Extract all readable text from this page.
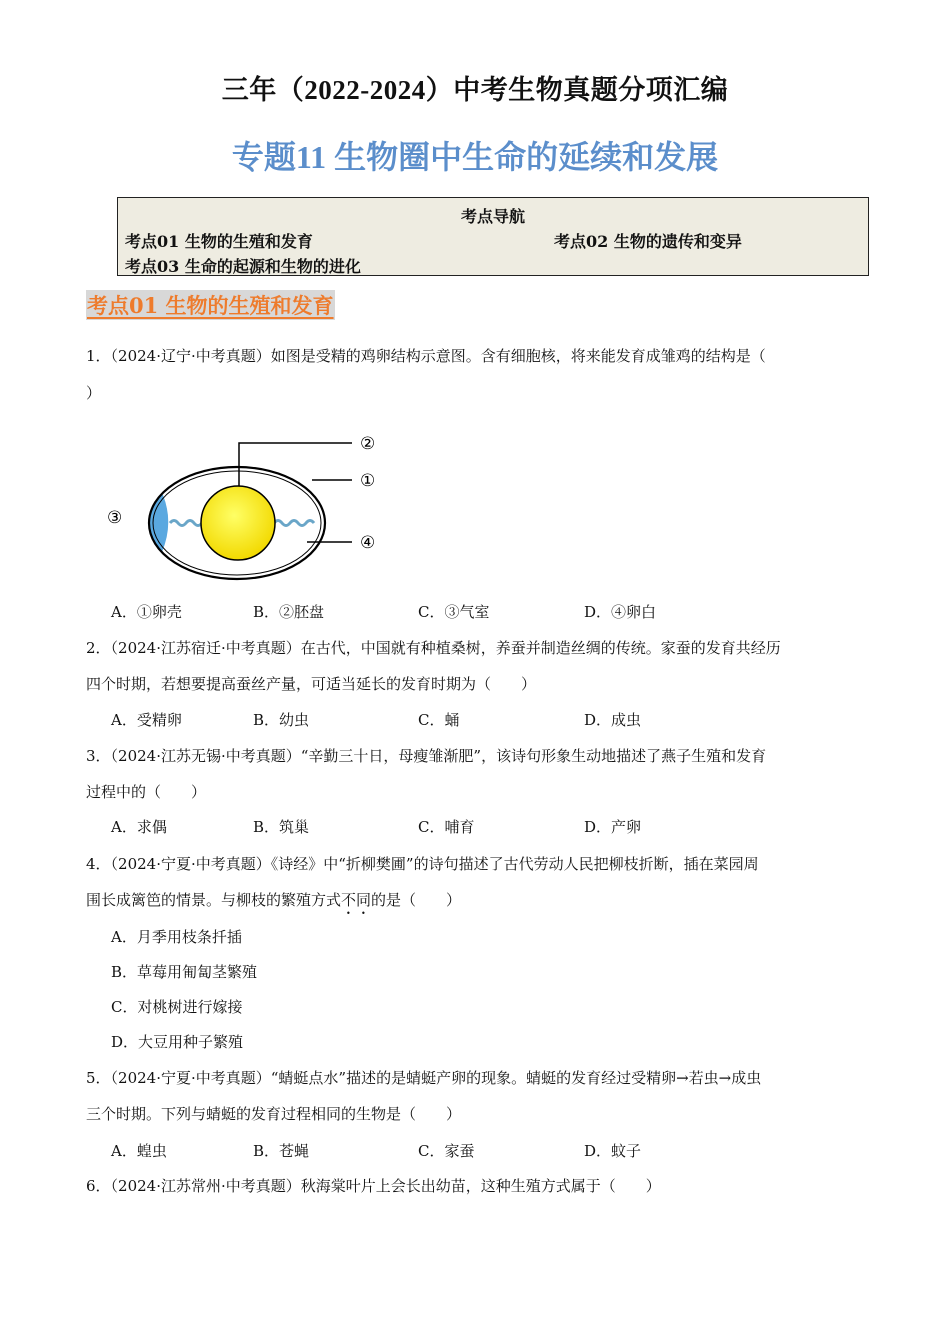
三年（2022-2024）中考生物真题分项汇编
专题11 生物圈中生命的延续和发展
考点导航
考点01 生物的生殖和发育	考点02 生物的遗传和变异
考点03 生命的起源和生物的进化
考点01 生物的生殖和发育
1．（2024·辽宁·中考真题）如图是受精的鸡卵结构示意图。含有细胞核，将来能发育成雏鸡的结构是（
）
②
①
③
④
A．①卵壳	B．②胚盘	C．③气室	D．④卵白
2．（2024·江苏宿迁·中考真题）在古代，中国就有种植桑树，养蚕并制造丝绸的传统。家蚕的发育共经历
四个时期，若想要提高蚕丝产量，可适当延长的发育时期为（　　）
A．受精卵	B．幼虫	C．蛹	D．成虫
3．（2024·江苏无锡·中考真题）“辛勤三十日，母瘦雏渐肥”，该诗句形象生动地描述了燕子生殖和发育
过程中的（　　）
A．求偶	B．筑巢	C．哺育	D．产卵
4．（2024·宁夏·中考真题）《诗经》中“折柳樊圃”的诗句描述了古代劳动人民把柳枝折断，插在菜园周
围长成篱笆的情景。与柳枝的繁殖方式不同的是（　　）
A．月季用枝条扦插
B．草莓用匍匐茎繁殖
C．对桃树进行嫁接
D．大豆用种子繁殖
5．（2024·宁夏·中考真题）“蜻蜓点水”描述的是蜻蜓产卵的现象。蜻蜓的发育经过受精卵→若虫→成虫
三个时期。下列与蜻蜓的发育过程相同的生物是（　　）
A．蝗虫	B．苍蝇	C．家蚕	D．蚊子
6．（2024·江苏常州·中考真题）秋海棠叶片上会长出幼苗，这种生殖方式属于（　　）
